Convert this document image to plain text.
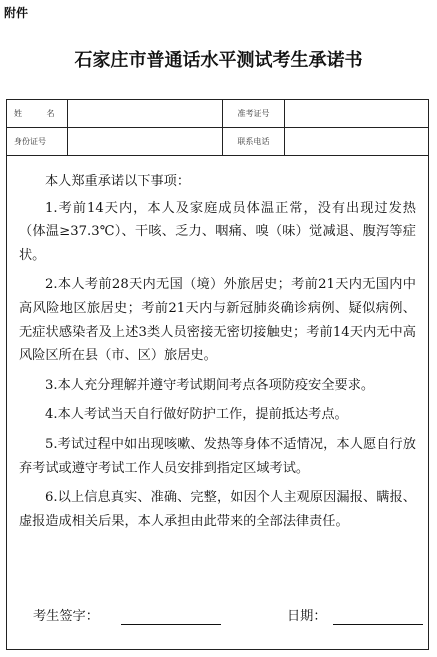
附件
石家庄市普通话水平测试考生承诺书
姓 名	准考证号
身份证号	联系电话

本人郑重承诺以下事项：

1.考前14天内，本人及家庭成员体温正常，没有出现过发热（体温≥37.3℃）、干咳、乏力、咽痛、嗅（味）觉减退、腹泻等症状。

2.本人考前28天内无国（境）外旅居史；考前21天内无国内中高风险地区旅居史；考前21天内与新冠肺炎确诊病例、疑似病例、无症状感染者及上述3类人员密接无密切接触史；考前14天内无中高风险区所在县（市、区）旅居史。

3.本人充分理解并遵守考试期间考点各项防疫安全要求。

4.本人考试当天自行做好防护工作，提前抵达考点。

5.考试过程中如出现咳嗽、发热等身体不适情况，本人愿自行放弃考试或遵守考试工作人员安排到指定区域考试。

6.以上信息真实、准确、完整，如因个人主观原因漏报、瞒报、虚报造成相关后果，本人承担由此带来的全部法律责任。

考生签字：	日期：
